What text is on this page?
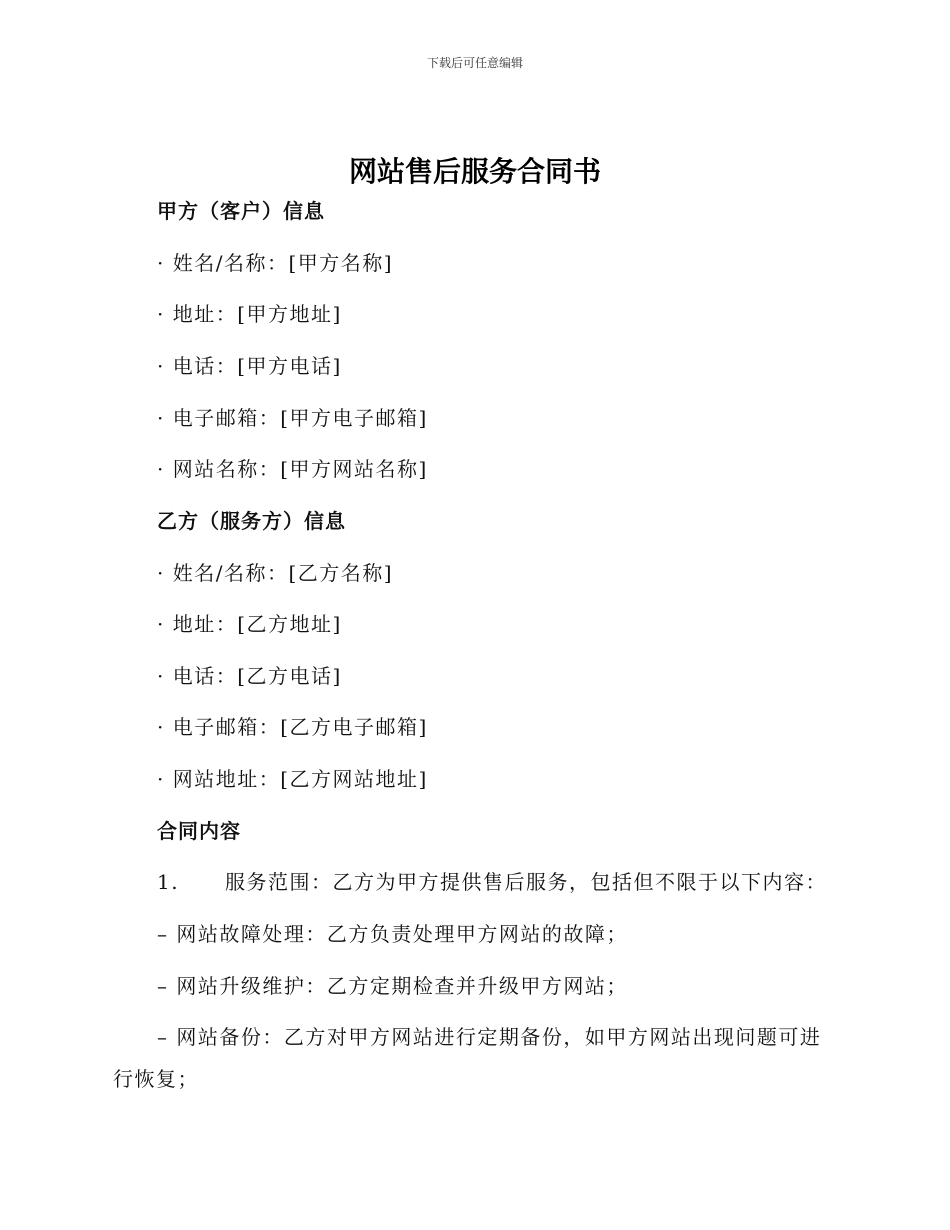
下载后可任意编辑
网站售后服务合同书
甲方（客户）信息
· 姓名/名称：[甲方名称]
· 地址：[甲方地址]
· 电话：[甲方电话]
· 电子邮箱：[甲方电子邮箱]
· 网站名称：[甲方网站名称]
乙方（服务方）信息
· 姓名/名称：[乙方名称]
· 地址：[乙方地址]
· 电话：[乙方电话]
· 电子邮箱：[乙方电子邮箱]
· 网站地址：[乙方网站地址]
合同内容
1. 服务范围：乙方为甲方提供售后服务，包括但不限于以下内容：
– 网站故障处理：乙方负责处理甲方网站的故障；
– 网站升级维护：乙方定期检查并升级甲方网站；
– 网站备份：乙方对甲方网站进行定期备份，如甲方网站出现问题可进
行恢复；
